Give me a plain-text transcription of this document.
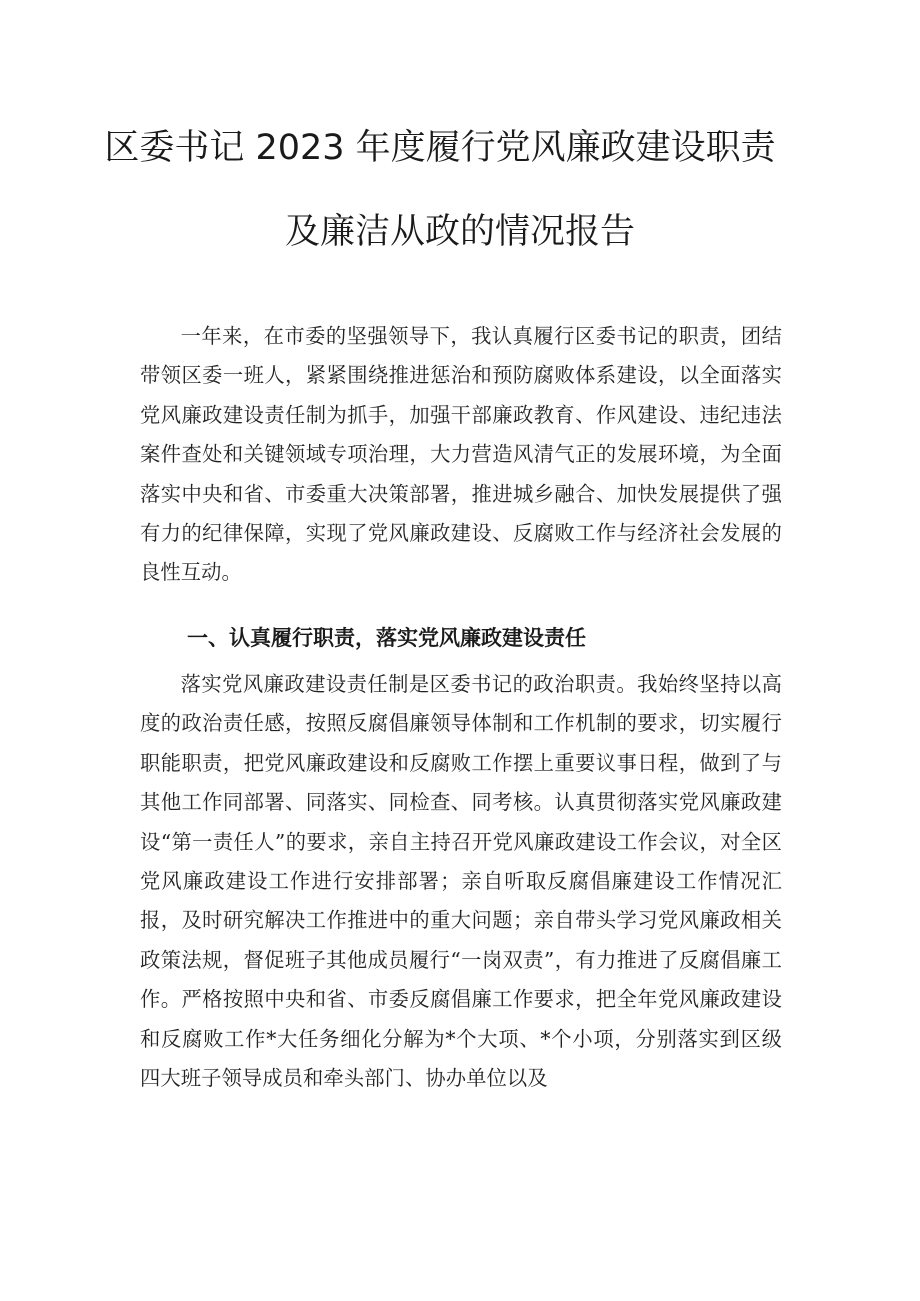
区委书记 2023 年度履行党风廉政建设职责
及廉洁从政的情况报告

一年来，在市委的坚强领导下，我认真履行区委书记的职责，团结带领区委一班人，紧紧围绕推进惩治和预防腐败体系建设，以全面落实党风廉政建设责任制为抓手，加强干部廉政教育、作风建设、违纪违法案件查处和关键领域专项治理，大力营造风清气正的发展环境，为全面落实中央和省、市委重大决策部署，推进城乡融合、加快发展提供了强有力的纪律保障，实现了党风廉政建设、反腐败工作与经济社会发展的良性互动。

一、认真履行职责，落实党风廉政建设责任

落实党风廉政建设责任制是区委书记的政治职责。我始终坚持以高度的政治责任感，按照反腐倡廉领导体制和工作机制的要求，切实履行职能职责，把党风廉政建设和反腐败工作摆上重要议事日程，做到了与其他工作同部署、同落实、同检查、同考核。认真贯彻落实党风廉政建设“第一责任人”的要求，亲自主持召开党风廉政建设工作会议，对全区党风廉政建设工作进行安排部署；亲自听取反腐倡廉建设工作情况汇报，及时研究解决工作推进中的重大问题；亲自带头学习党风廉政相关政策法规，督促班子其他成员履行“一岗双责”，有力推进了反腐倡廉工作。严格按照中央和省、市委反腐倡廉工作要求，把全年党风廉政建设和反腐败工作*大任务细化分解为*个大项、*个小项，分别落实到区级四大班子领导成员和牵头部门、协办单位以及
